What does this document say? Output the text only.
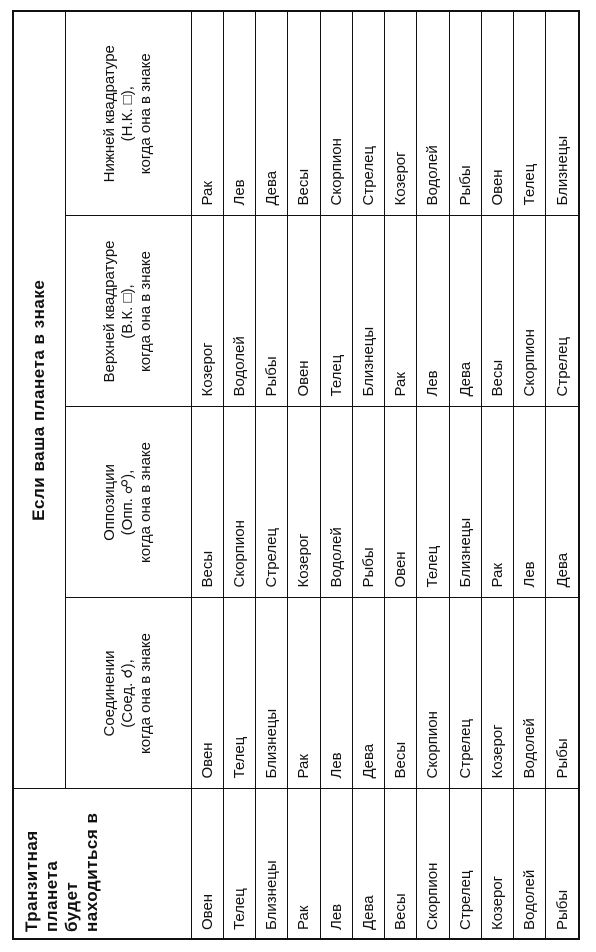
Транзитная планета
будет находиться в	Если ваша планета в знаке			

	Соединении (Соед. ☌), когда она в знаке	Оппозиции (Опп. ☍), когда она в знаке	Верхней квадратуре (В.К. □), когда она в знаке	Нижней квадратуре (Н.К. □), когда она в знаке

Овен	Овен	Весы	Козерог	Рак
Телец	Телец	Скорпион	Водолей	Лев
Близнецы	Близнецы	Стрелец	Рыбы	Дева
Рак	Рак	Козерог	Овен	Весы
Лев	Лев	Водолей	Телец	Скорпион
Дева	Дева	Рыбы	Близнецы	Стрелец
Весы	Весы	Овен	Рак	Козерог
Скорпион	Скорпион	Телец	Лев	Водолей
Стрелец	Стрелец	Близнецы	Дева	Рыбы
Козерог	Козерог	Рак	Весы	Овен
Водолей	Водолей	Лев	Скорпион	Телец
Рыбы	Рыбы	Дева	Стрелец	Близнецы
